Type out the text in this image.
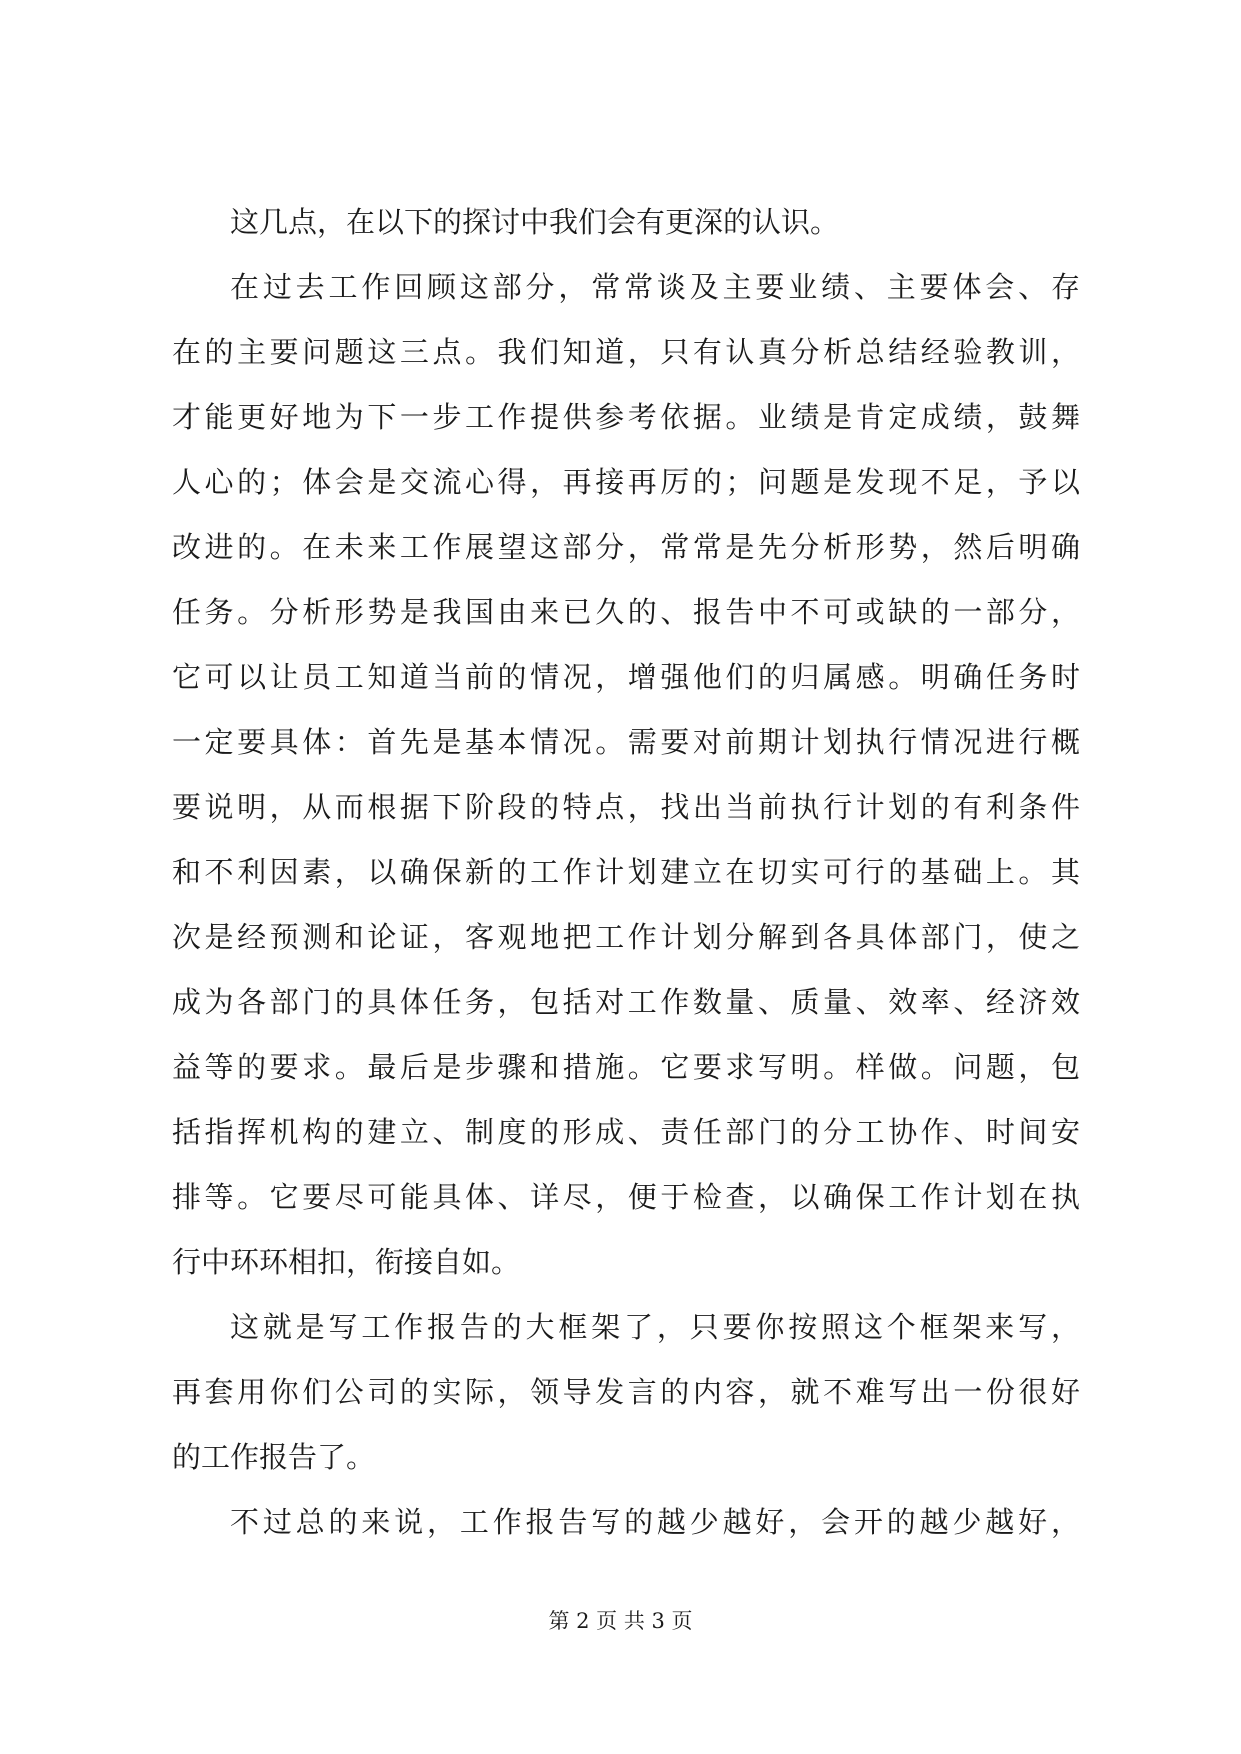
这几点，在以下的探讨中我们会有更深的认识。
在过去工作回顾这部分，常常谈及主要业绩、主要体会、存
在的主要问题这三点。我们知道，只有认真分析总结经验教训，
才能更好地为下一步工作提供参考依据。业绩是肯定成绩，鼓舞
人心的；体会是交流心得，再接再厉的；问题是发现不足，予以
改进的。在未来工作展望这部分，常常是先分析形势，然后明确
任务。分析形势是我国由来已久的、报告中不可或缺的一部分，
它可以让员工知道当前的情况，增强他们的归属感。明确任务时
一定要具体：首先是基本情况。需要对前期计划执行情况进行概
要说明，从而根据下阶段的特点，找出当前执行计划的有利条件
和不利因素，以确保新的工作计划建立在切实可行的基础上。其
次是经预测和论证，客观地把工作计划分解到各具体部门，使之
成为各部门的具体任务，包括对工作数量、质量、效率、经济效
益等的要求。最后是步骤和措施。它要求写明。样做。问题，包
括指挥机构的建立、制度的形成、责任部门的分工协作、时间安
排等。它要尽可能具体、详尽，便于检查，以确保工作计划在执
行中环环相扣，衔接自如。
这就是写工作报告的大框架了，只要你按照这个框架来写，
再套用你们公司的实际，领导发言的内容，就不难写出一份很好
的工作报告了。
不过总的来说，工作报告写的越少越好，会开的越少越好，
第 2 页 共 3 页
